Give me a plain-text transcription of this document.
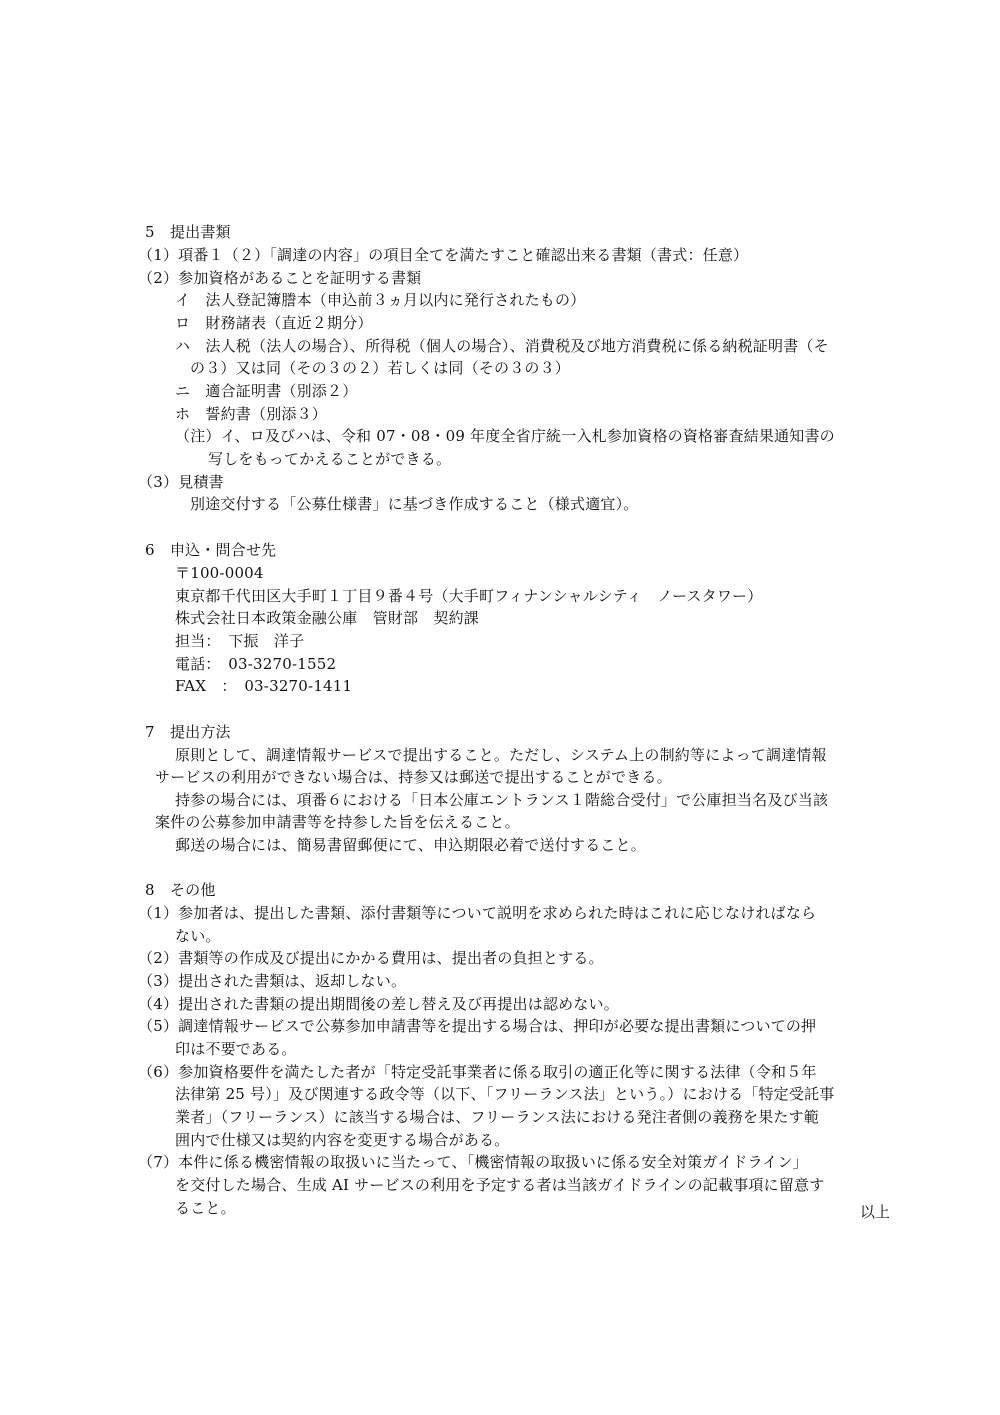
5　提出書類
（1）項番１（２）「調達の内容」の項目全てを満たすこと確認出来る書類（書式：任意）
（2）参加資格があることを証明する書類
イ　法人登記簿謄本（申込前３ヵ月以内に発行されたもの）
ロ　財務諸表（直近２期分）
ハ　法人税（法人の場合）、所得税（個人の場合）、消費税及び地方消費税に係る納税証明書（そ
の３）又は同（その３の２）若しくは同（その３の３）
ニ　適合証明書（別添２）
ホ　誓約書（別添３）
（注）イ、ロ及びハは、令和 07・08・09 年度全省庁統一入札参加資格の資格審査結果通知書の
写しをもってかえることができる。
（3）見積書
別途交付する「公募仕様書」に基づき作成すること（様式適宜）。
6　申込・問合せ先
〒100-0004
東京都千代田区大手町１丁目９番４号（大手町フィナンシャルシティ　ノースタワー）
株式会社日本政策金融公庫　管財部　契約課
担当：　下振　洋子
電話：　03-3270-1552
FAX　：　03-3270-1411
7　提出方法
原則として、調達情報サービスで提出すること。ただし、システム上の制約等によって調達情報
サービスの利用ができない場合は、持参又は郵送で提出することができる。
持参の場合には、項番６における「日本公庫エントランス１階総合受付」で公庫担当名及び当該
案件の公募参加申請書等を持参した旨を伝えること。
郵送の場合には、簡易書留郵便にて、申込期限必着で送付すること。
8　その他
（1）参加者は、提出した書類、添付書類等について説明を求められた時はこれに応じなければなら
ない。
（2）書類等の作成及び提出にかかる費用は、提出者の負担とする。
（3）提出された書類は、返却しない。
（4）提出された書類の提出期間後の差し替え及び再提出は認めない。
（5）調達情報サービスで公募参加申請書等を提出する場合は、押印が必要な提出書類についての押
印は不要である。
（6）参加資格要件を満たした者が「特定受託事業者に係る取引の適正化等に関する法律（令和５年
法律第 25 号）」及び関連する政令等（以下、「フリーランス法」という。）における「特定受託事
業者」（フリーランス）に該当する場合は、フリーランス法における発注者側の義務を果たす範
囲内で仕様又は契約内容を変更する場合がある。
（7）本件に係る機密情報の取扱いに当たって、「機密情報の取扱いに係る安全対策ガイドライン」
を交付した場合、生成 AI サービスの利用を予定する者は当該ガイドラインの記載事項に留意す
ること。	以上
